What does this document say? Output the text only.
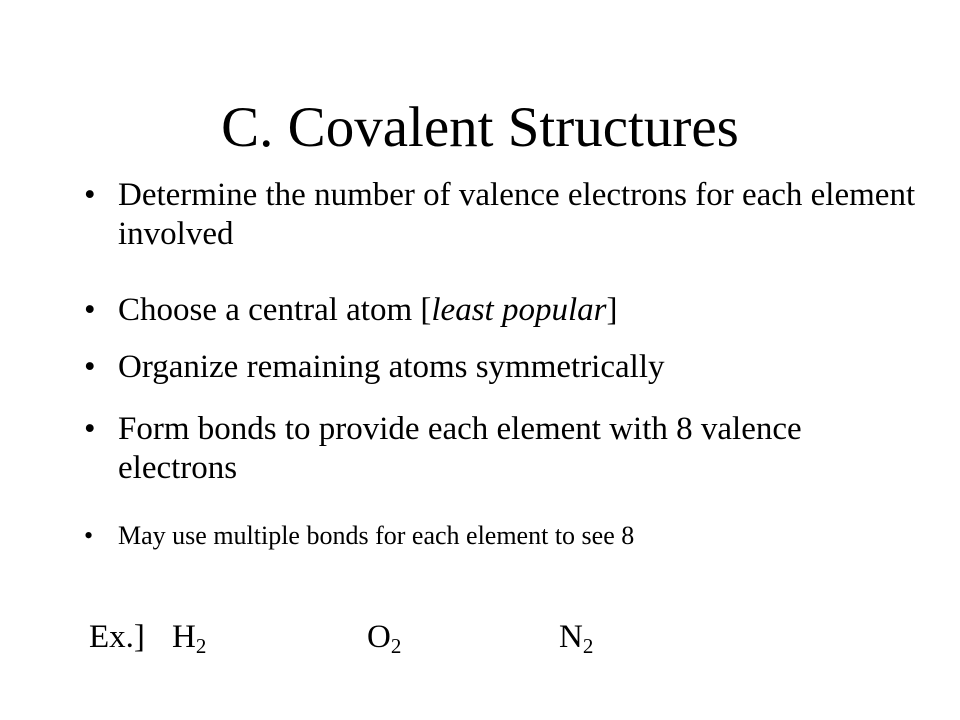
C. Covalent Structures
• Determine the number of valence electrons for each element involved
• Choose a central atom [least popular]
• Organize remaining atoms symmetrically
• Form bonds to provide each element with 8 valence electrons
• May use multiple bonds for each element to see 8
Ex.] $H_2$	$O_2$	$N_2$
